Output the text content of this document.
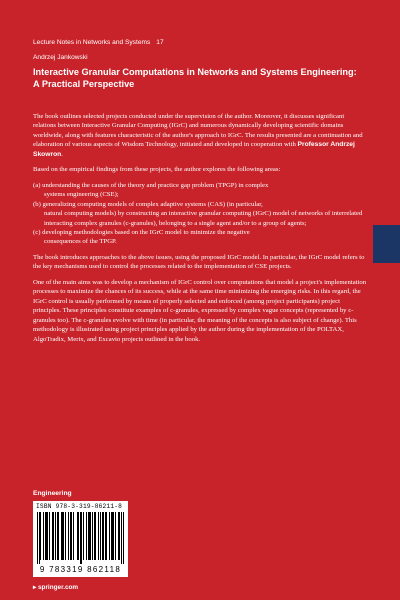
Lecture Notes in Networks and Systems 17
Andrzej Jankowski
Interactive Granular Computations in Networks and Systems Engineering: A Practical Perspective

The book outlines selected projects conducted under the supervision of the author. Moreover, it discusses significant relations between Interactive Granular Computing (IGrC) and numerous dynamically developing scientific domains worldwide, along with features characteristic of the author's approach to IGrC. The results presented are a continuation and elaboration of various aspects of Wisdom Technology, initiated and developed in cooperation with Professor Andrzej Skowron.

Based on the empirical findings from these projects, the author explores the following areas:

(a) understanding the causes of the theory and practice gap problem (TPGP) in complex
systems engineering (CSE);
(b) generalizing computing models of complex adaptive systems (CAS) (in particular,
natural computing models) by constructing an interactive granular computing (IGrC) model of networks of interrelated interacting complex granules (c-granules), belonging to a single agent and/or to a group of agents;
(c) developing methodologies based on the IGrC model to minimize the negative
consequences of the TPGP.

The book introduces approaches to the above issues, using the proposed IGrC model. In particular, the IGrC model refers to the key mechanisms used to control the processes related to the implementation of CSE projects.

One of the main aims was to develop a mechanism of IGrC control over computations that model a project's implementation processes to maximize the chances of its success, while at the same time minimizing the emerging risks. In this regard, the IGrC control is usually performed by means of properly selected and enforced (among project participants) project principles. These principles constitute examples of c-granules, expressed by complex vague concepts (represented by c-granules too). The c-granules evolve with time (in particular, the meaning of the concepts is also subject of change). This methodology is illustrated using project principles applied by the author during the implementation of the POLTAX, AlgoTradix, Merix, and Excavio projects outlined in the book.

Engineering
ISBN 978-3-319-86211-8
9 783319 862118
▸ springer.com
